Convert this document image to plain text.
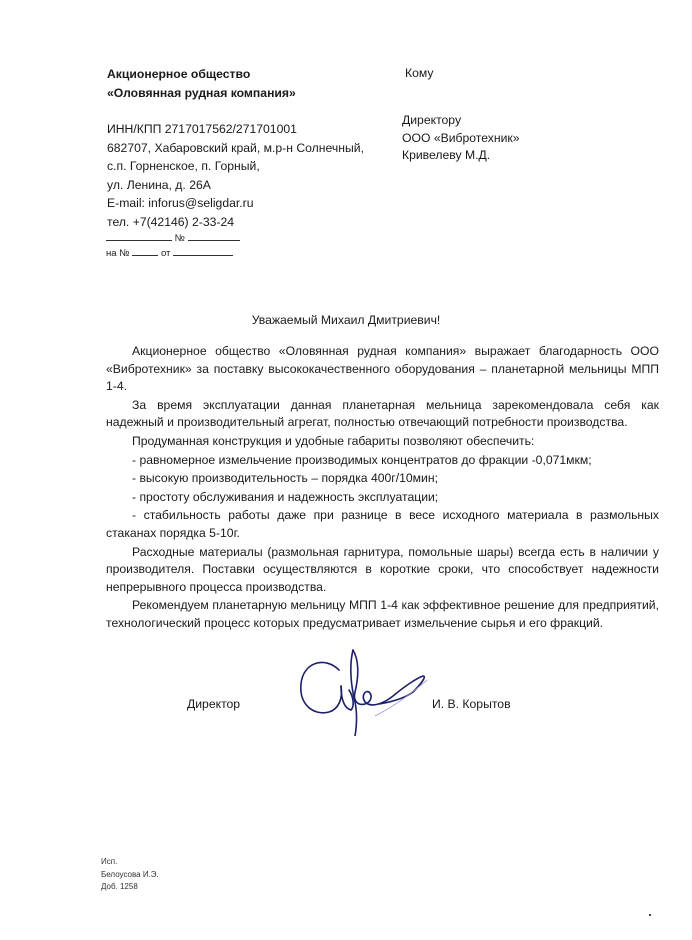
Акционерное общество
«Оловянная рудная компания»
ИНН/КПП 2717017562/271701001
682707, Хабаровский край, м.р-н Солнечный,
с.п. Горненское, п. Горный,
ул. Ленина, д. 26А
E-mail: inforus@seligdar.ru
тел. +7(42146) 2-33-24
Кому
Директору
ООО «Вибротехник»
Кривелеву М.Д.
№
на №	от
Уважаемый Михаил Дмитриевич!

Акционерное общество «Оловянная рудная компания» выражает благодарность ООО «Вибротехник» за поставку высококачественного оборудования – планетарной мельницы МПП 1-4.

За время эксплуатации данная планетарная мельница зарекомендовала себя как надежный и производительный агрегат, полностью отвечающий потребности производства.

Продуманная конструкция и удобные габариты позволяют обеспечить:

- равномерное измельчение производимых концентратов до фракции -0,071мкм;

- высокую производительность – порядка 400г/10мин;

- простоту обслуживания и надежность эксплуатации;

- стабильность работы даже при разнице в весе исходного материала в размольных стаканах порядка 5-10г.

Расходные материалы (размольная гарнитура, помольные шары) всегда есть в наличии у производителя. Поставки осуществляются в короткие сроки, что способствует надежности непрерывного процесса производства.

Рекомендуем планетарную мельницу МПП 1-4 как эффективное решение для предприятий, технологический процесс которых предусматривает измельчение сырья и его фракций.

Директор	И. В. Корытов
Исп.
Белоусова И.Э.
Доб. 1258
